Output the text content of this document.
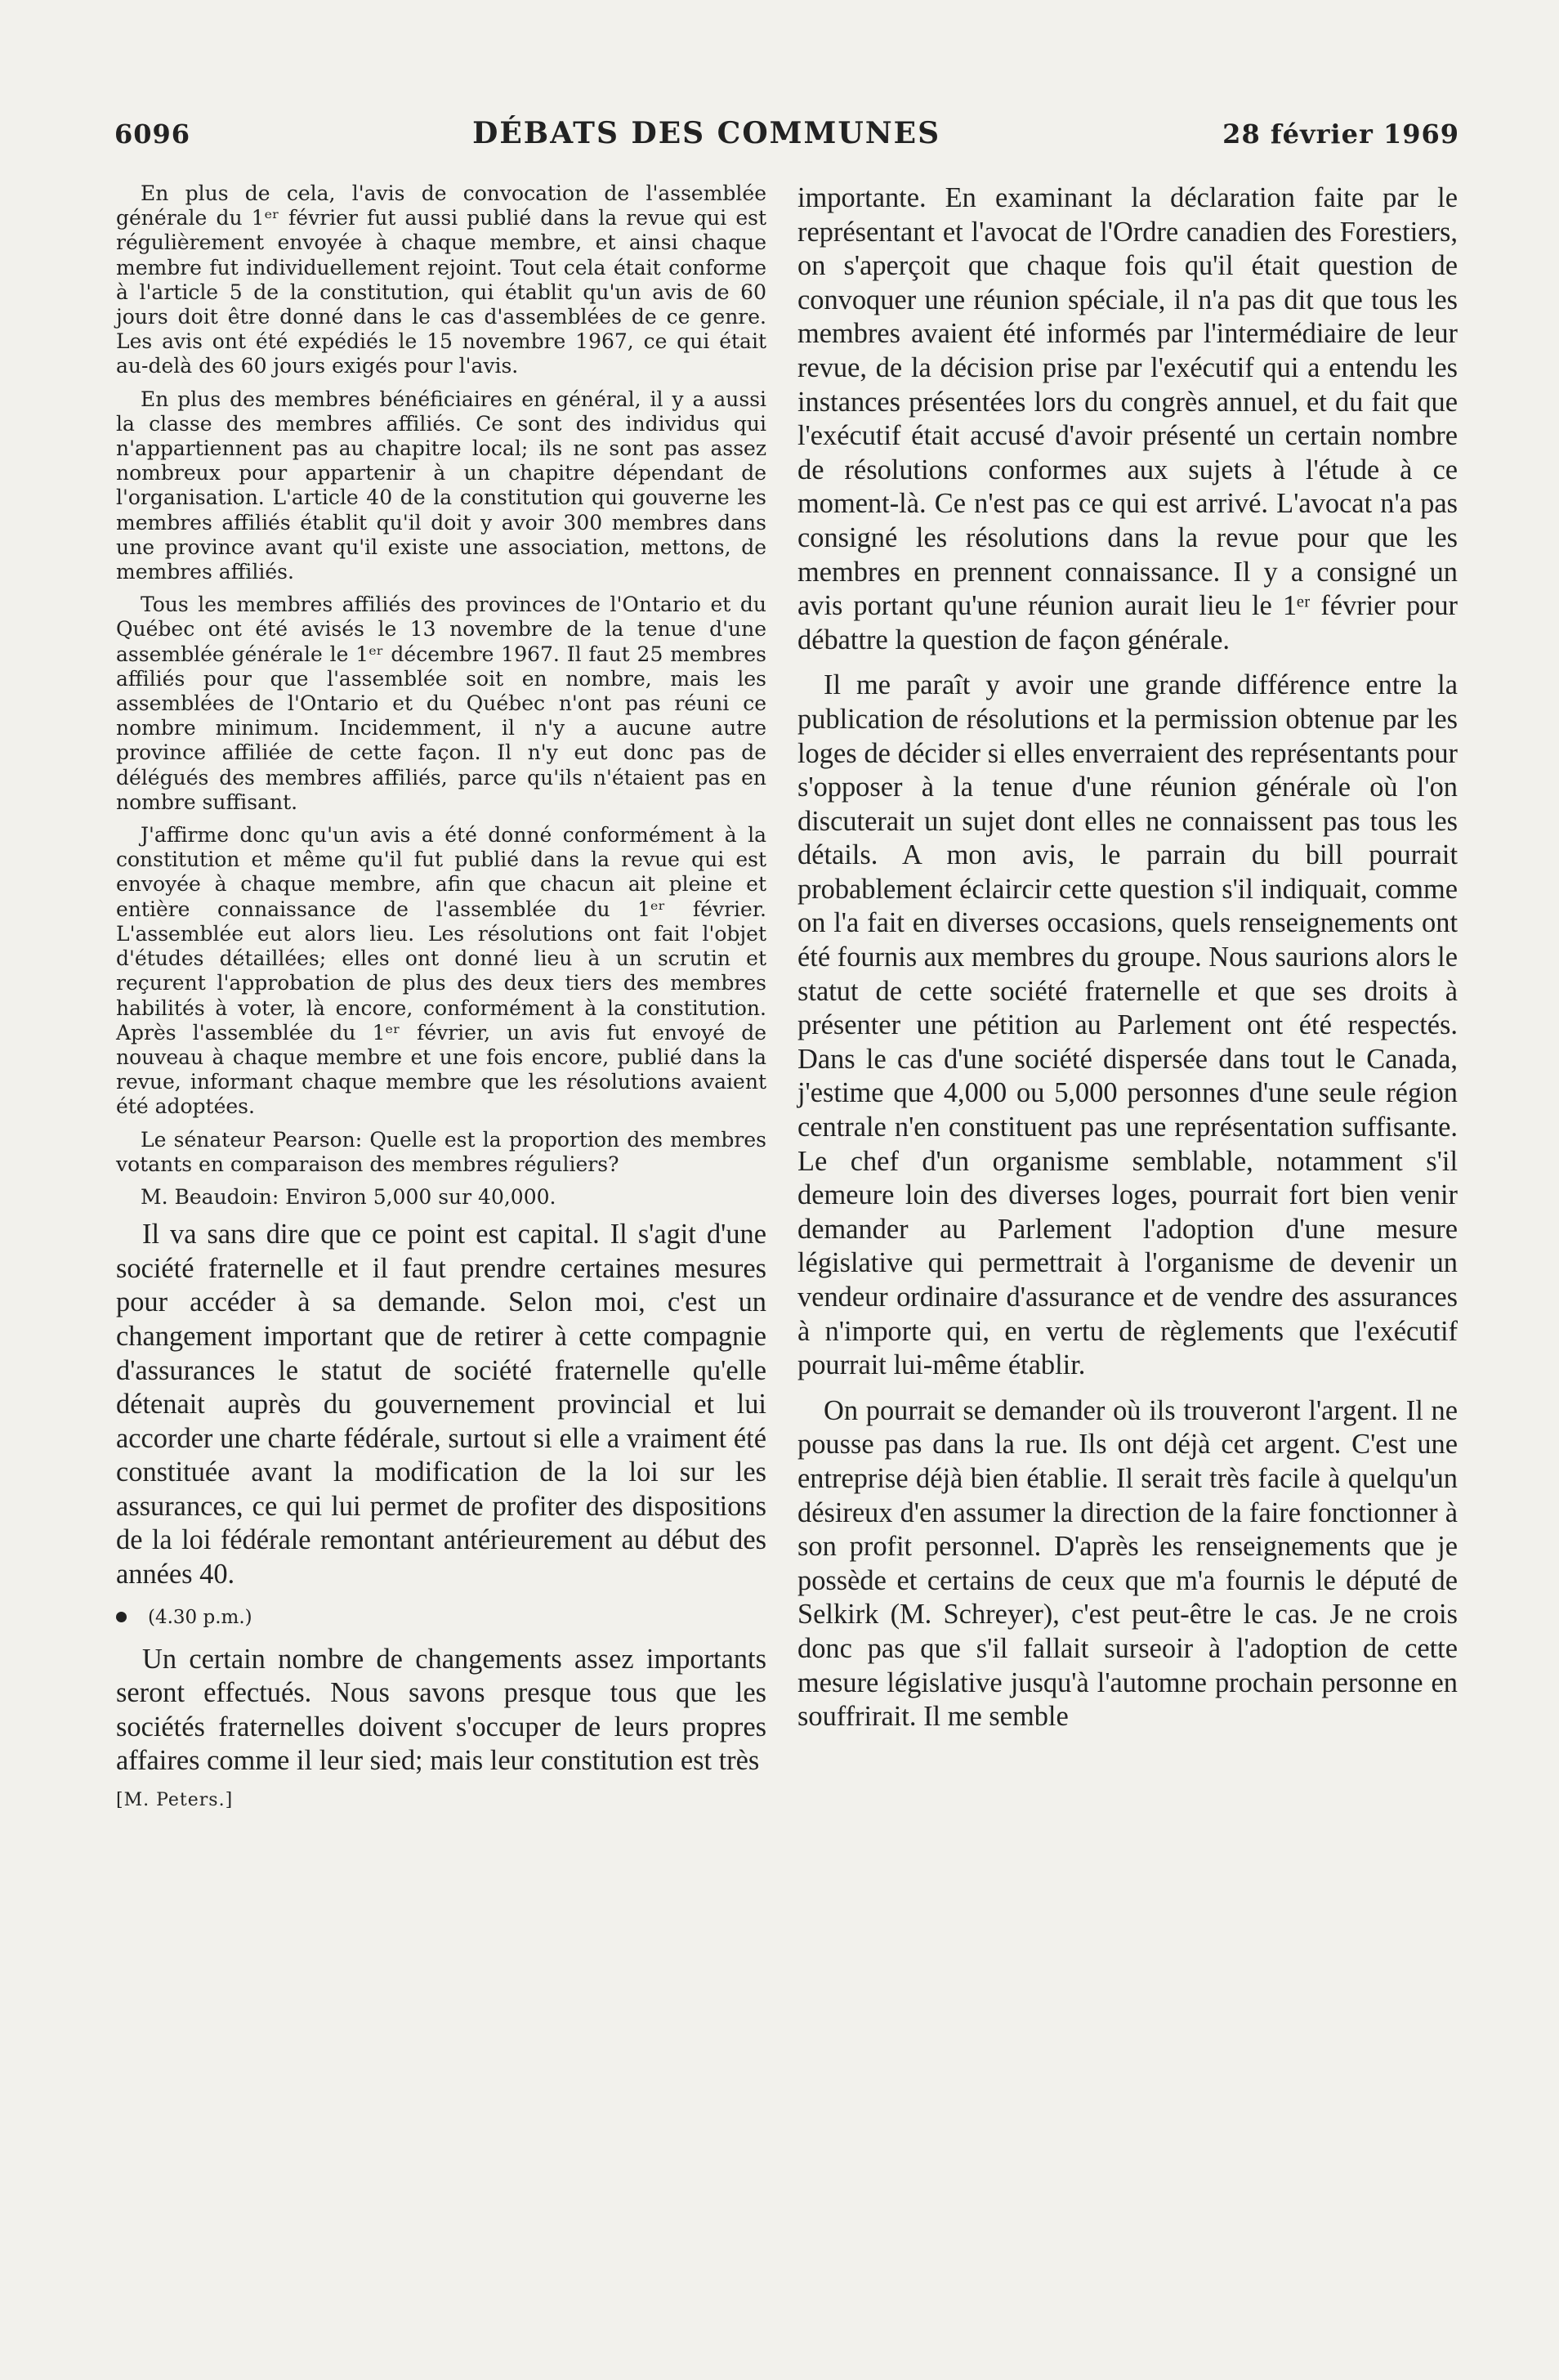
6096	DÉBATS DES COMMUNES	28 février 1969

En plus de cela, l'avis de convocation de l'assemblée générale du 1ᵉʳ février fut aussi publié dans la revue qui est régulièrement envoyée à chaque membre, et ainsi chaque membre fut individuellement rejoint. Tout cela était conforme à l'article 5 de la constitution, qui établit qu'un avis de 60 jours doit être donné dans le cas d'assemblées de ce genre. Les avis ont été expédiés le 15 novembre 1967, ce qui était au-delà des 60 jours exigés pour l'avis.

En plus des membres bénéficiaires en général, il y a aussi la classe des membres affiliés. Ce sont des individus qui n'appartiennent pas au chapitre local; ils ne sont pas assez nombreux pour appartenir à un chapitre dépendant de l'organisation. L'article 40 de la constitution qui gouverne les membres affiliés établit qu'il doit y avoir 300 membres dans une province avant qu'il existe une association, mettons, de membres affiliés.

Tous les membres affiliés des provinces de l'Ontario et du Québec ont été avisés le 13 novembre de la tenue d'une assemblée générale le 1ᵉʳ décembre 1967. Il faut 25 membres affiliés pour que l'assemblée soit en nombre, mais les assemblées de l'Ontario et du Québec n'ont pas réuni ce nombre minimum. Incidemment, il n'y a aucune autre province affiliée de cette façon. Il n'y eut donc pas de délégués des membres affiliés, parce qu'ils n'étaient pas en nombre suffisant.

J'affirme donc qu'un avis a été donné conformément à la constitution et même qu'il fut publié dans la revue qui est envoyée à chaque membre, afin que chacun ait pleine et entière connaissance de l'assemblée du 1ᵉʳ février. L'assemblée eut alors lieu. Les résolutions ont fait l'objet d'études détaillées; elles ont donné lieu à un scrutin et reçurent l'approbation de plus des deux tiers des membres habilités à voter, là encore, conformément à la constitution. Après l'assemblée du 1ᵉʳ février, un avis fut envoyé de nouveau à chaque membre et une fois encore, publié dans la revue, informant chaque membre que les résolutions avaient été adoptées.

Le sénateur Pearson: Quelle est la proportion des membres votants en comparaison des membres réguliers?

M. Beaudoin: Environ 5,000 sur 40,000.

Il va sans dire que ce point est capital. Il s'agit d'une société fraternelle et il faut prendre certaines mesures pour accéder à sa demande. Selon moi, c'est un changement important que de retirer à cette compagnie d'assurances le statut de société fraternelle qu'elle détenait auprès du gouvernement provincial et lui accorder une charte fédérale, surtout si elle a vraiment été constituée avant la modification de la loi sur les assurances, ce qui lui permet de profiter des dispositions de la loi fédérale remontant antérieurement au début des années 40.

(4.30 p.m.)

Un certain nombre de changements assez importants seront effectués. Nous savons presque tous que les sociétés fraternelles doivent s'occuper de leurs propres affaires comme il leur sied; mais leur constitution est très

[M. Peters.]

importante. En examinant la déclaration faite par le représentant et l'avocat de l'Ordre canadien des Forestiers, on s'aperçoit que chaque fois qu'il était question de convoquer une réunion spéciale, il n'a pas dit que tous les membres avaient été informés par l'intermédiaire de leur revue, de la décision prise par l'exécutif qui a entendu les instances présentées lors du congrès annuel, et du fait que l'exécutif était accusé d'avoir présenté un certain nombre de résolutions conformes aux sujets à l'étude à ce moment-là. Ce n'est pas ce qui est arrivé. L'avocat n'a pas consigné les résolutions dans la revue pour que les membres en prennent connaissance. Il y a consigné un avis portant qu'une réunion aurait lieu le 1ᵉʳ février pour débattre la question de façon générale.

Il me paraît y avoir une grande différence entre la publication de résolutions et la permission obtenue par les loges de décider si elles enverraient des représentants pour s'opposer à la tenue d'une réunion générale où l'on discuterait un sujet dont elles ne connaissent pas tous les détails. A mon avis, le parrain du bill pourrait probablement éclaircir cette question s'il indiquait, comme on l'a fait en diverses occasions, quels renseignements ont été fournis aux membres du groupe. Nous saurions alors le statut de cette société fraternelle et que ses droits à présenter une pétition au Parlement ont été respectés. Dans le cas d'une société dispersée dans tout le Canada, j'estime que 4,000 ou 5,000 personnes d'une seule région centrale n'en constituent pas une représentation suffisante. Le chef d'un organisme semblable, notamment s'il demeure loin des diverses loges, pourrait fort bien venir demander au Parlement l'adoption d'une mesure législative qui permettrait à l'organisme de devenir un vendeur ordinaire d'assurance et de vendre des assurances à n'importe qui, en vertu de règlements que l'exécutif pourrait lui-même établir.

On pourrait se demander où ils trouveront l'argent. Il ne pousse pas dans la rue. Ils ont déjà cet argent. C'est une entreprise déjà bien établie. Il serait très facile à quelqu'un désireux d'en assumer la direction de la faire fonctionner à son profit personnel. D'après les renseignements que je possède et certains de ceux que m'a fournis le député de Selkirk (M. Schreyer), c'est peut-être le cas. Je ne crois donc pas que s'il fallait surseoir à l'adoption de cette mesure législative jusqu'à l'automne prochain personne en souffrirait. Il me semble
